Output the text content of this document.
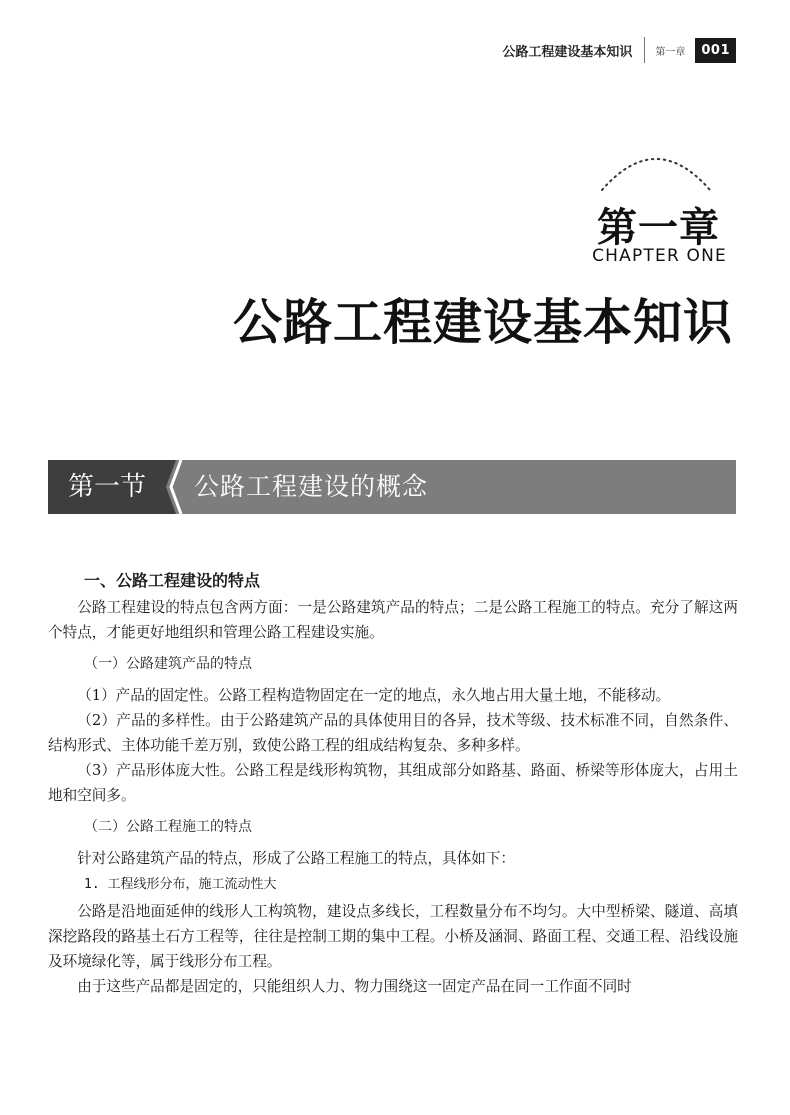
公路工程建设基本知识 第一章	001
第一章
CHAPTER ONE
公路工程建设基本知识
第一节	公路工程建设的概念
一、公路工程建设的特点

公路工程建设的特点包含两方面：一是公路建筑产品的特点；二是公路工程施工的特点。充分了解这两个特点，才能更好地组织和管理公路工程建设实施。

（一）公路建筑产品的特点

（1）产品的固定性。公路工程构造物固定在一定的地点，永久地占用大量土地，不能移动。

（2）产品的多样性。由于公路建筑产品的具体使用目的各异，技术等级、技术标准不同，自然条件、结构形式、主体功能千差万别，致使公路工程的组成结构复杂、多种多样。

（3）产品形体庞大性。公路工程是线形构筑物，其组成部分如路基、路面、桥梁等形体庞大，占用土地和空间多。

（二）公路工程施工的特点

针对公路建筑产品的特点，形成了公路工程施工的特点，具体如下：

1. 工程线形分布，施工流动性大

公路是沿地面延伸的线形人工构筑物，建设点多线长，工程数量分布不均匀。大中型桥梁、隧道、高填深挖路段的路基土石方工程等，往往是控制工期的集中工程。小桥及涵洞、路面工程、交通工程、沿线设施及环境绿化等，属于线形分布工程。

由于这些产品都是固定的，只能组织人力、物力围绕这一固定产品在同一工作面不同时
